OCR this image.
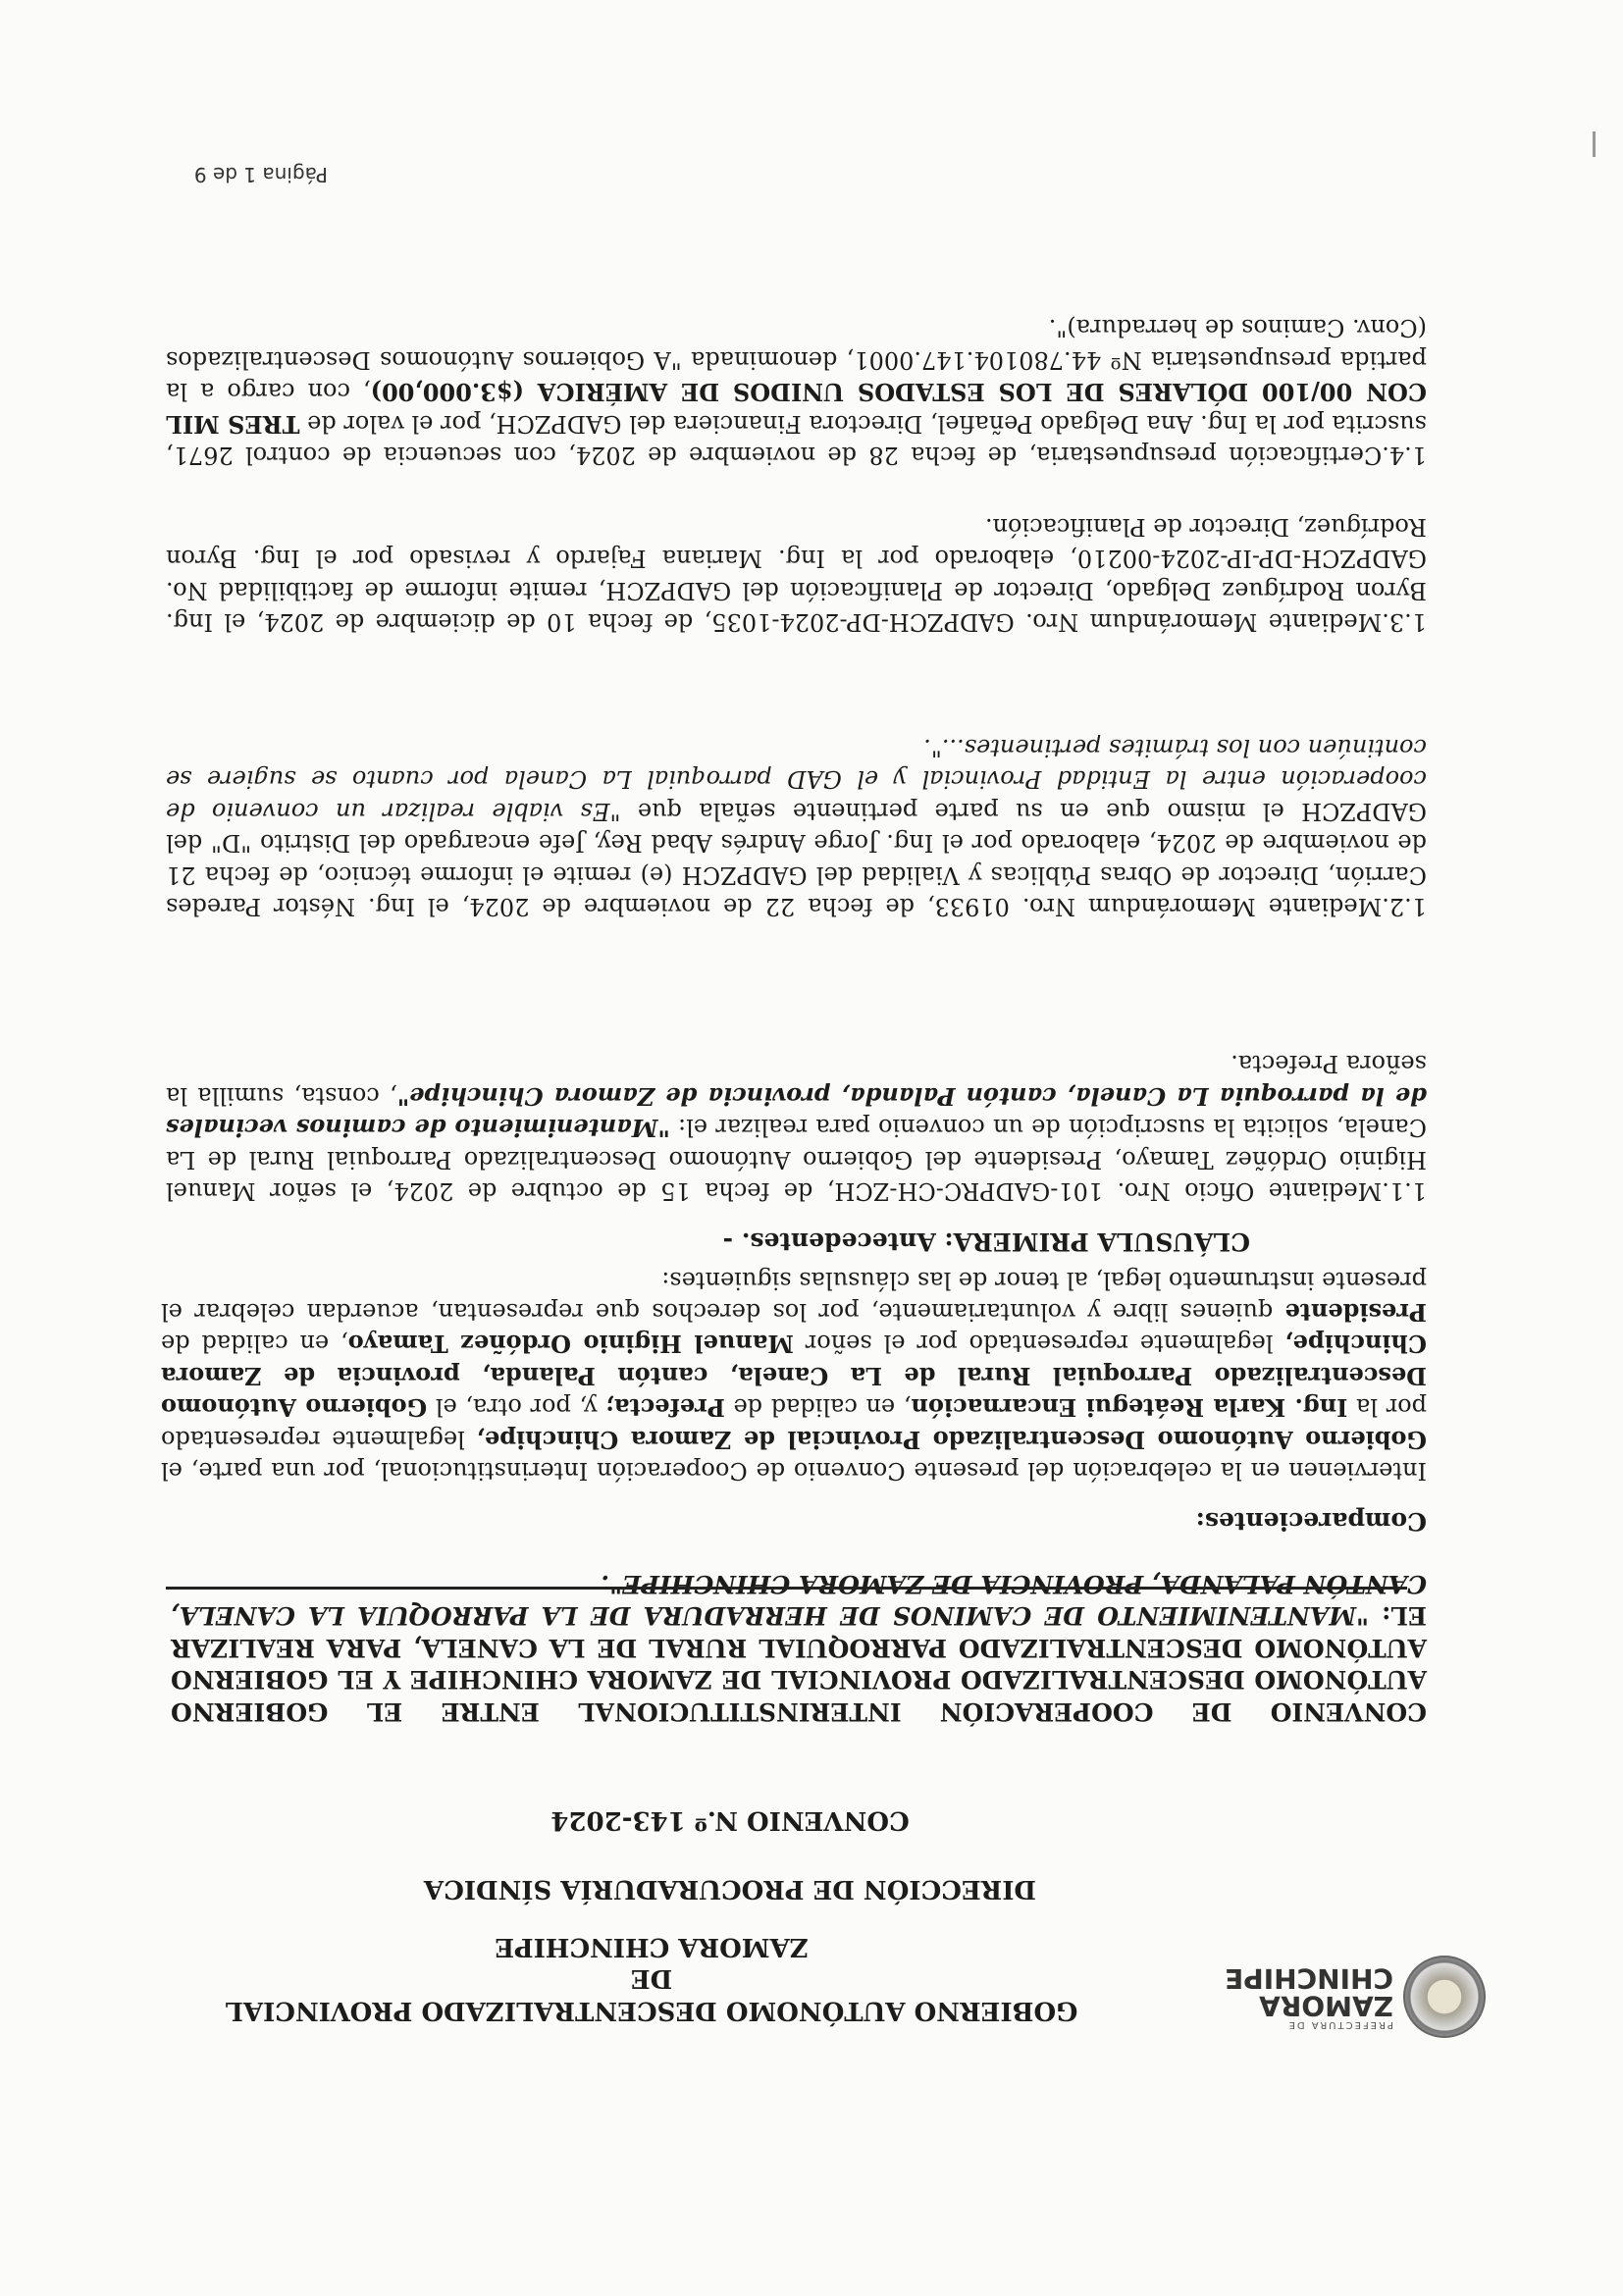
PREFECTURA DE
ZAMORA
CHINCHIPE
GOBIERNO AUTÓNOMO DESCENTRALIZADO PROVINCIAL DE
ZAMORA CHINCHIPE
DIRECCIÓN DE PROCURADURÍA SÍNDICA
CONVENIO N.º 143-2024
CONVENIO DE COOPERACIÓN INTERINSTITUCIONAL ENTRE EL GOBIERNO AUTÓNOMO DESCENTRALIZADO PROVINCIAL DE ZAMORA CHINCHIPE Y EL GOBIERNO AUTÓNOMO DESCENTRALIZADO PARROQUIAL RURAL DE LA CANELA, PARA REALIZAR EL: "MANTENIMIENTO DE CAMINOS DE HERRADURA DE LA PARROQUIA LA CANELA, CANTÓN PALANDA, PROVINCIA DE ZAMORA CHINCHIPE".
Comparecientes:
Intervienen en la celebración del presente Convenio de Cooperación Interinstitucional, por una parte, el Gobierno Autónomo Descentralizado Provincial de Zamora Chinchipe, legalmente representado por la Ing. Karla Reátegui Encarnación, en calidad de Prefecta; y, por otra, el Gobierno Autónomo Descentralizado Parroquial Rural de La Canela, cantón Palanda, provincia de Zamora Chinchipe, legalmente representado por el señor Manuel Higinio Ordóñez Tamayo, en calidad de Presidente quienes libre y voluntariamente, por los derechos que representan, acuerdan celebrar el presente instrumento legal, al tenor de las cláusulas siguientes:
CLÁUSULA PRIMERA: Antecedentes. -
1.1.Mediante Oficio Nro. 101-GADPRC-CH-ZCH, de fecha 15 de octubre de 2024, el señor Manuel Higinio Ordóñez Tamayo, Presidente del Gobierno Autónomo Descentralizado Parroquial Rural de La Canela, solicita la suscripción de un convenio para realizar el: "Mantenimiento de caminos vecinales de la parroquia La Canela, cantón Palanda, provincia de Zamora Chinchipe", consta, sumilla la señora Prefecta.
1.2.Mediante Memorándum Nro. 01933, de fecha 22 de noviembre de 2024, el Ing. Néstor Paredes Carrión, Director de Obras Públicas y Vialidad del GADPZCH (e) remite el informe técnico, de fecha 21 de noviembre de 2024, elaborado por el Ing. Jorge Andrés Abad Rey, Jefe encargado del Distrito "D" del GADPZCH el mismo que en su parte pertinente señala que "Es viable realizar un convenio de cooperación entre la Entidad Provincial y el GAD parroquial La Canela por cuanto se sugiere se continúen con los trámites pertinentes...".
1.3.Mediante Memorándum Nro. GADPZCH-DP-2024-1035, de fecha 10 de diciembre de 2024, el Ing. Byron Rodríguez Delgado, Director de Planificación del GADPZCH, remite informe de factibilidad No. GADPZCH-DP-IP-2024-00210, elaborado por la Ing. Mariana Fajardo y revisado por el Ing. Byron Rodríguez, Director de Planificación.
1.4.Certificación presupuestaria, de fecha 28 de noviembre de 2024, con secuencia de control 2671, suscrita por la Ing. Ana Delgado Peñafiel, Directora Financiera del GADPZCH, por el valor de TRES MIL CON 00/100 DÓLARES DE LOS ESTADOS UNIDOS DE AMÉRICA ($3.000,00), con cargo a la partida presupuestaria Nº 44.780104.147.0001, denominada "A Gobiernos Autónomos Descentralizados (Conv. Caminos de herradura)".
Página 1 de 9
